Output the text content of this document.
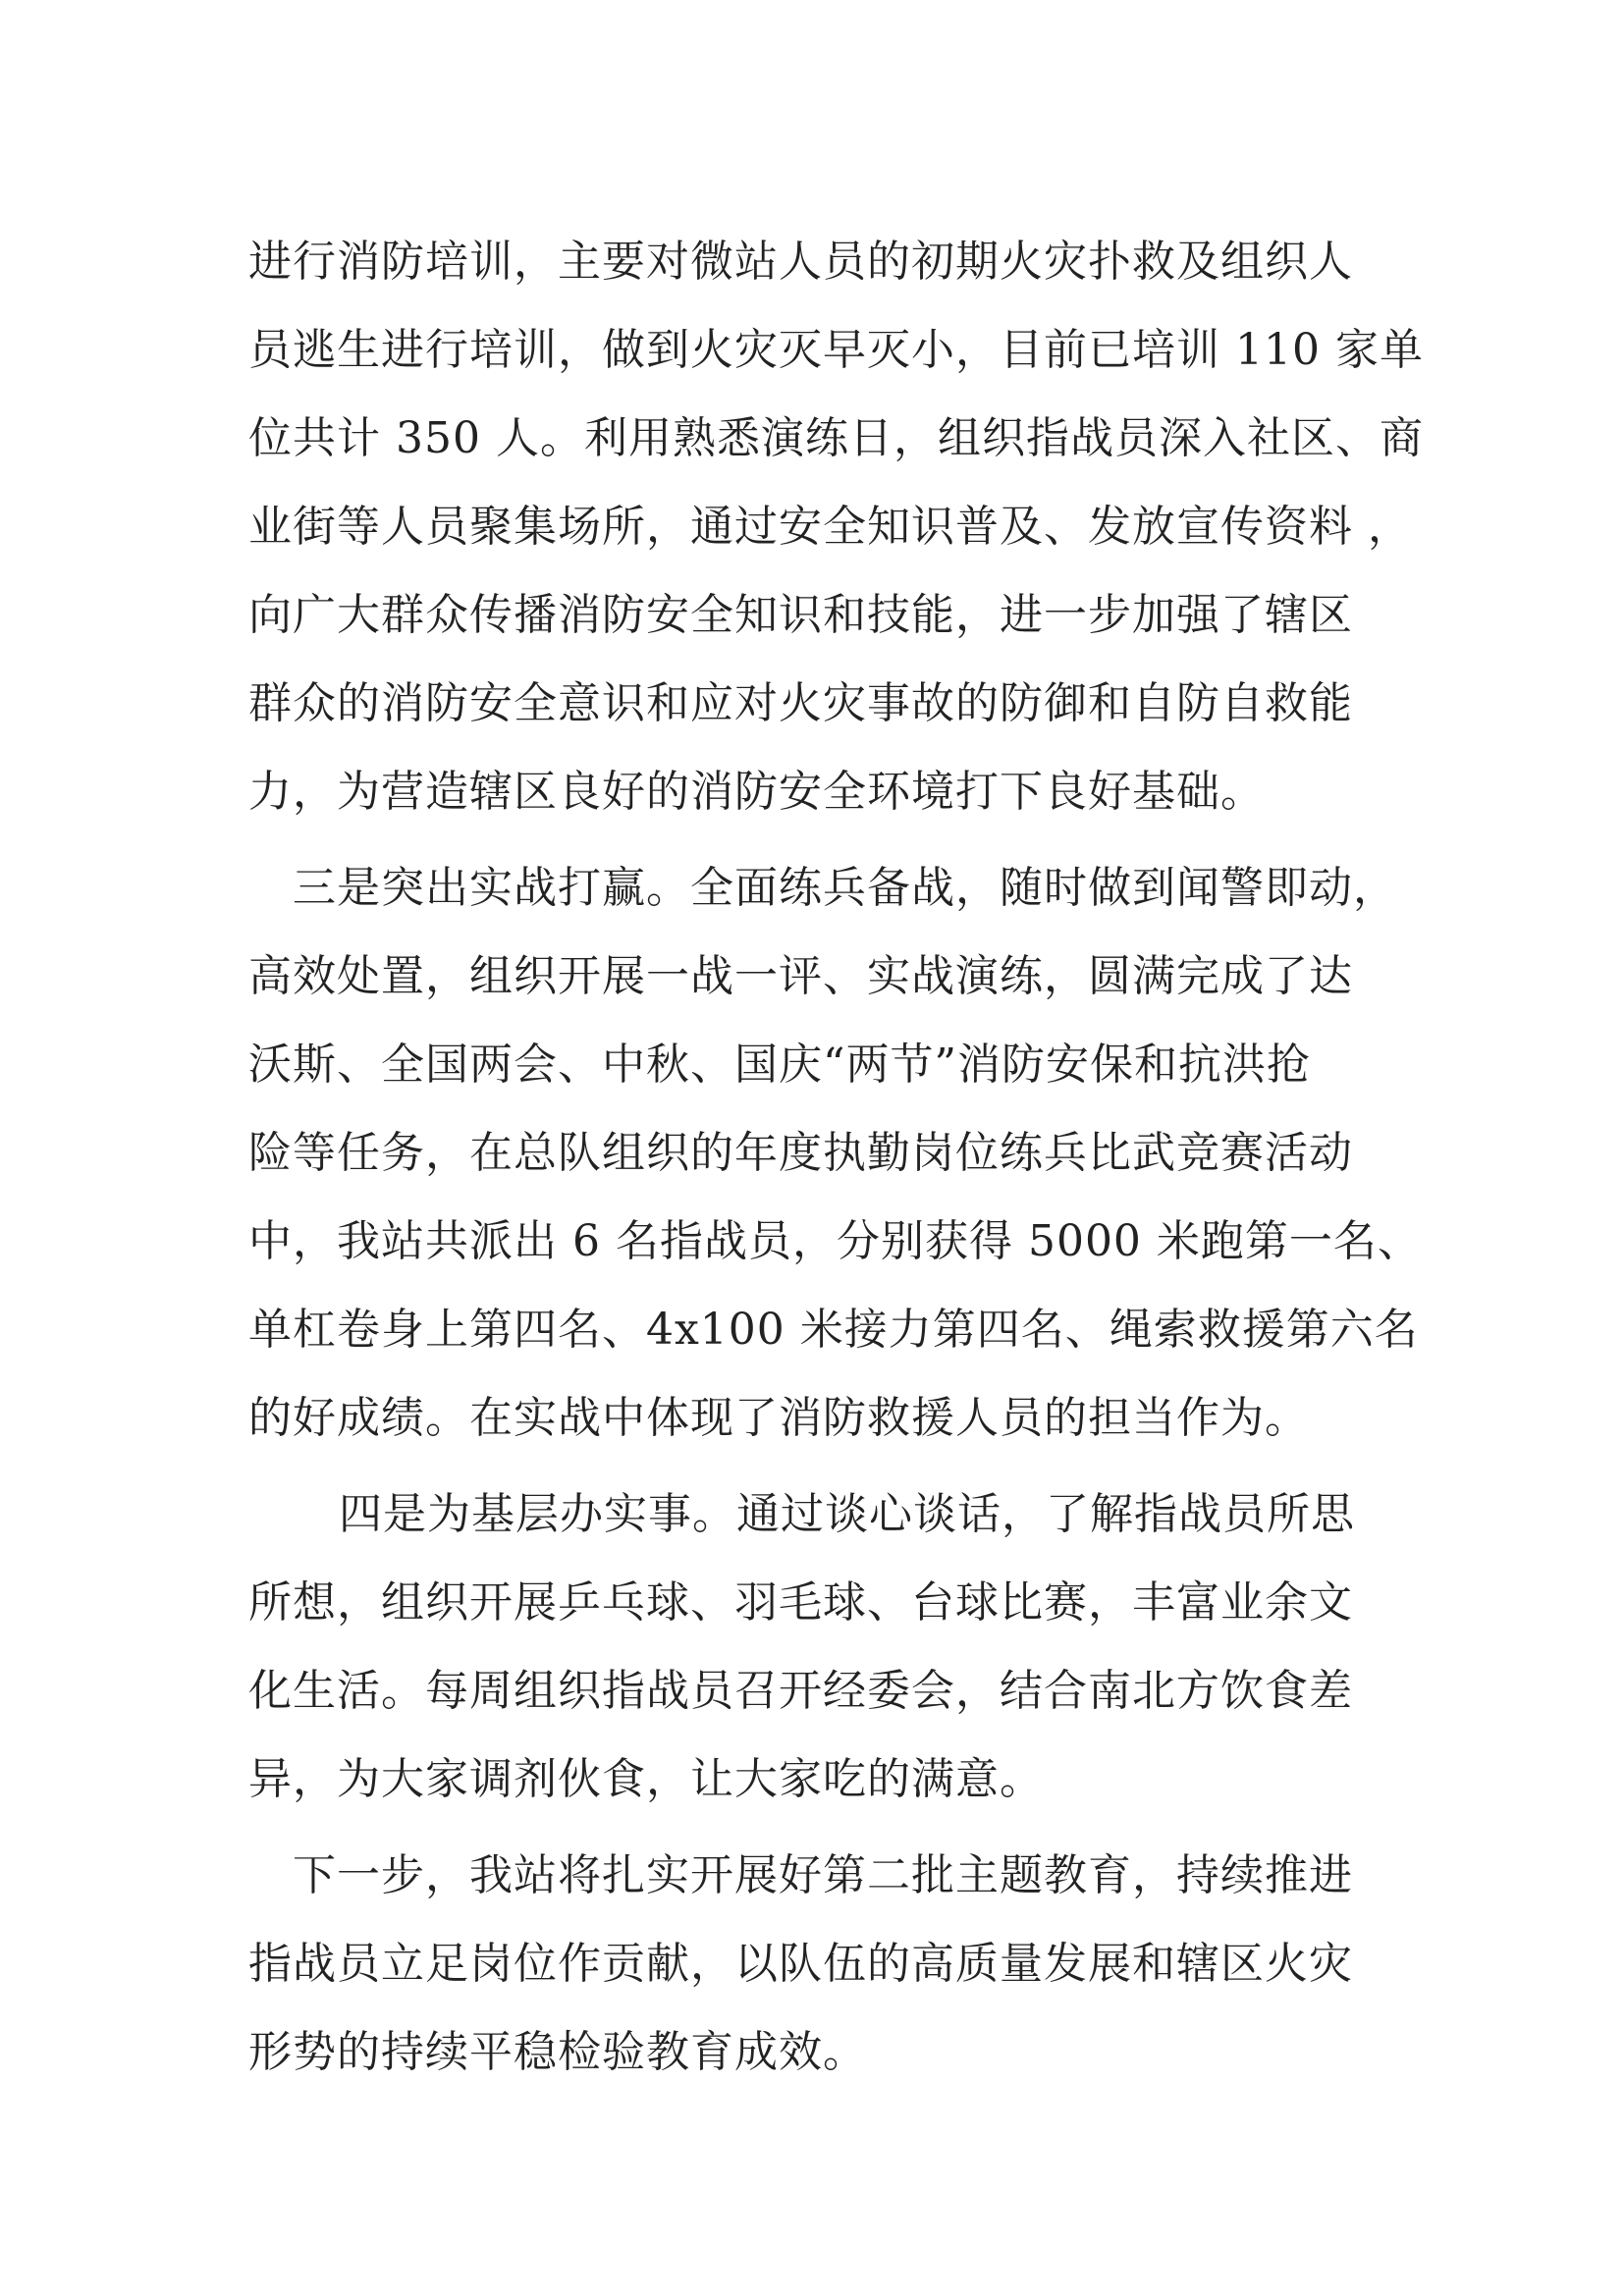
进行消防培训，主要对微站人员的初期火灾扑救及组织人
员逃生进行培训，做到火灾灭早灭小，目前已培训 110 家单
位共计 350 人。利用熟悉演练日，组织指战员深入社区、商
业街等人员聚集场所，通过安全知识普及、发放宣传资料 ，
向广大群众传播消防安全知识和技能，进一步加强了辖区
群众的消防安全意识和应对火灾事故的防御和自防自救能
力，为营造辖区良好的消防安全环境打下良好基础。
三是突出实战打赢。全面练兵备战，随时做到闻警即动，
高效处置，组织开展一战一评、实战演练，圆满完成了达
沃斯、全国两会、中秋、国庆“两节”消防安保和抗洪抢
险等任务，在总队组织的年度执勤岗位练兵比武竞赛活动
中，我站共派出 6 名指战员，分别获得 5000 米跑第一名、
单杠卷身上第四名、4x100 米接力第四名、绳索救援第六名
的好成绩。在实战中体现了消防救援人员的担当作为。
四是为基层办实事。通过谈心谈话，了解指战员所思
所想，组织开展乒乓球、羽毛球、台球比赛，丰富业余文
化生活。每周组织指战员召开经委会，结合南北方饮食差
异，为大家调剂伙食，让大家吃的满意。
下一步，我站将扎实开展好第二批主题教育，持续推进
指战员立足岗位作贡献，以队伍的高质量发展和辖区火灾
形势的持续平稳检验教育成效。
